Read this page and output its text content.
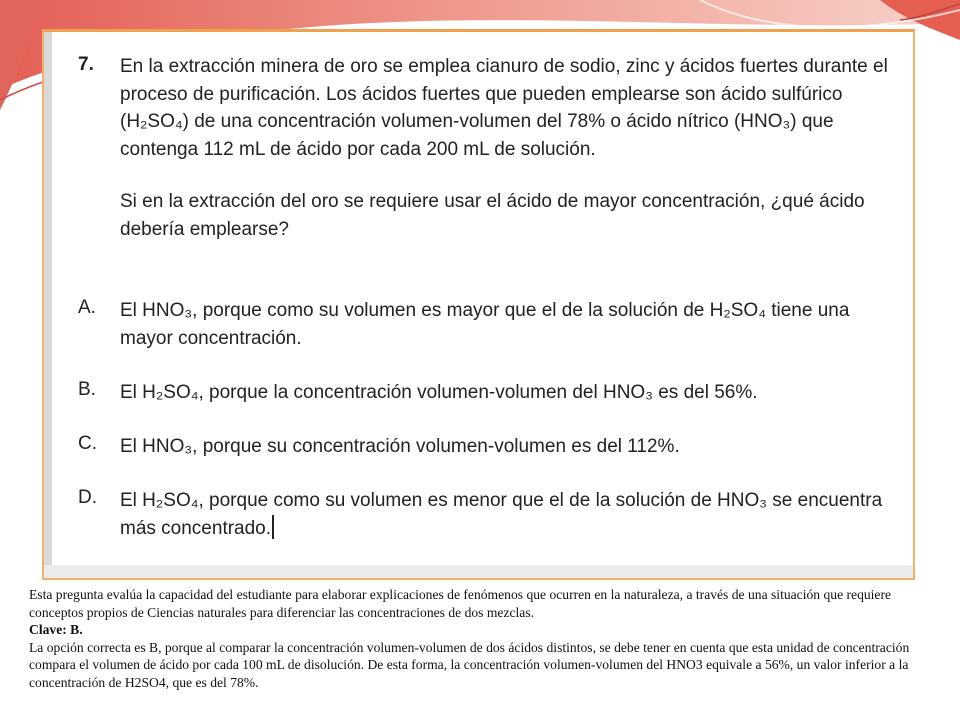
7. En la extracción minera de oro se emplea cianuro de sodio, zinc y ácidos fuertes durante el proceso de purificación. Los ácidos fuertes que pueden emplearse son ácido sulfúrico (H₂SO₄) de una concentración volumen-volumen del 78% o ácido nítrico (HNO₃) que contenga 112 mL de ácido por cada 200 mL de solución.
Si en la extracción del oro se requiere usar el ácido de mayor concentración, ¿qué ácido debería emplearse?
A. El HNO₃, porque como su volumen es mayor que el de la solución de H₂SO₄ tiene una mayor concentración.
B. El H₂SO₄, porque la concentración volumen-volumen del HNO₃ es del 56%.
C. El HNO₃, porque su concentración volumen-volumen es del 112%.
D. El H₂SO₄, porque como su volumen es menor que el de la solución de HNO₃ se encuentra más concentrado.

Esta pregunta evalúa la capacidad del estudiante para elaborar explicaciones de fenómenos que ocurren en la naturaleza, a través de una situación que requiere conceptos propios de Ciencias naturales para diferenciar las concentraciones de dos mezclas.

Clave: B.

La opción correcta es B, porque al comparar la concentración volumen-volumen de dos ácidos distintos, se debe tener en cuenta que esta unidad de concentración compara el volumen de ácido por cada 100 mL de disolución. De esta forma, la concentración volumen-volumen del HNO3 equivale a 56%, un valor inferior a la concentración de H2SO4, que es del 78%.
